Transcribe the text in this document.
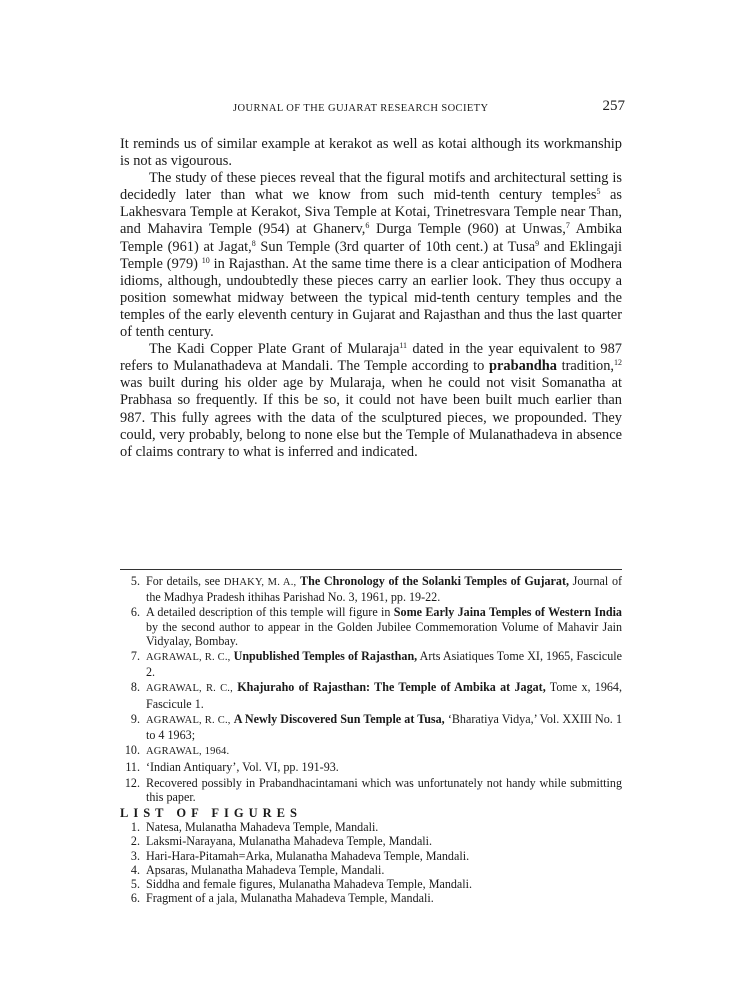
JOURNAL OF THE GUJARAT RESEARCH SOCIETY	257

It reminds us of similar example at kerakot as well as kotai although its workmanship is not as vigourous.

The study of these pieces reveal that the figural motifs and architectural setting is decidedly later than what we know from such mid-tenth century temples$^5$ as Lakhesvara Temple at Kerakot, Siva Temple at Kotai, Trinetresvara Temple near Than, and Mahavira Temple (954) at Ghanerv,$^6$ Durga Temple (960) at Unwas,$^7$ Ambika Temple (961) at Jagat,$^8$ Sun Temple (3rd quarter of 10th cent.) at Tusa$^9$ and Eklingaji Temple (979) $^{10}$ in Rajasthan. At the same time there is a clear anticipation of Modhera idioms, although, undoubtedly these pieces carry an earlier look. They thus occupy a position somewhat midway between the typical mid-tenth century temples and the temples of the early eleventh century in Gujarat and Rajasthan and thus the last quarter of tenth century.

The Kadi Copper Plate Grant of Mularaja$^{11}$ dated in the year equivalent to 987 refers to Mulanathadeva at Mandali. The Temple according to prabandha tradition,$^{12}$ was built during his older age by Mularaja, when he could not visit Somanatha at Prabhasa so frequently. If this be so, it could not have been built much earlier than 987. This fully agrees with the data of the sculptured pieces, we propounded. They could, very probably, belong to none else but the Temple of Mulanathadeva in absence of claims contrary to what is inferred and indicated.

5. For details, see DHAKY, M. A., The Chronology of the Solanki Temples of Gujarat, Journal of the Madhya Pradesh ithihas Parishad No. 3, 1961, pp. 19-22.
6. A detailed description of this temple will figure in Some Early Jaina Temples of Western India by the second author to appear in the Golden Jubilee Commemoration Volume of Mahavir Jain Vidyalay, Bombay.
7. AGRAWAL, R. C., Unpublished Temples of Rajasthan, Arts Asiatiques Tome XI, 1965, Fascicule 2.
8. AGRAWAL, R. C., Khajuraho of Rajasthan: The Temple of Ambika at Jagat, Tome x, 1964, Fascicule 1.
9. AGRAWAL, R. C., A Newly Discovered Sun Temple at Tusa, ‘Bharatiya Vidya,’ Vol. XXIII No. 1 to 4 1963;
10. AGRAWAL, 1964.
11. ‘Indian Antiquary’, Vol. VI, pp. 191-93.
12. Recovered possibly in Prabandhacintamani which was unfortunately not handy while submitting this paper.
LIST OF FIGURES
1. Natesa, Mulanatha Mahadeva Temple, Mandali.
2. Laksmi-Narayana, Mulanatha Mahadeva Temple, Mandali.
3. Hari-Hara-Pitamah=Arka, Mulanatha Mahadeva Temple, Mandali.
4. Apsaras, Mulanatha Mahadeva Temple, Mandali.
5. Siddha and female figures, Mulanatha Mahadeva Temple, Mandali.
6. Fragment of a jala, Mulanatha Mahadeva Temple, Mandali.
